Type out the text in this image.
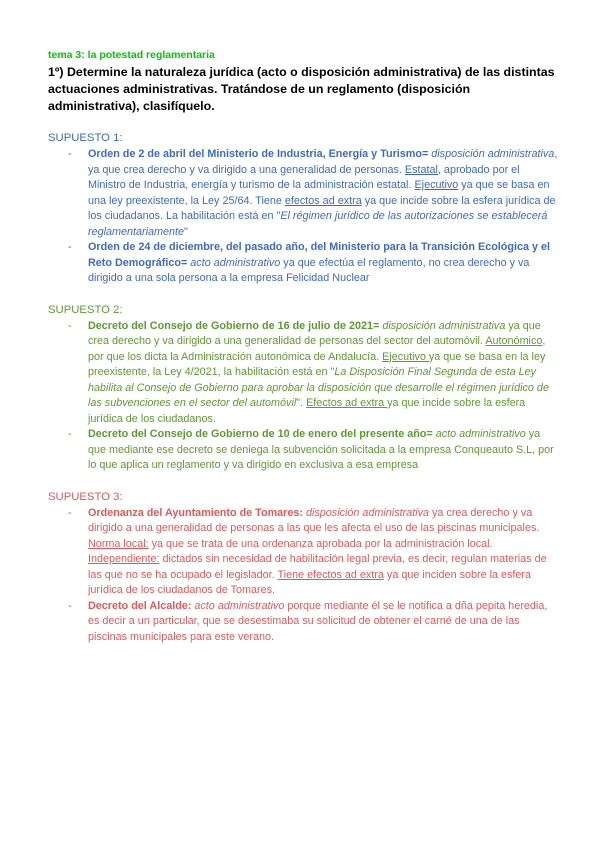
tema 3: la potestad reglamentaria
1º) Determine la naturaleza jurídica (acto o disposición administrativa) de las distintas actuaciones administrativas. Tratándose de un reglamento (disposición administrativa), clasifíquelo.
SUPUESTO 1:
- Orden de 2 de abril del Ministerio de Industria, Energía y Turismo= disposición administrativa, ya que crea derecho y va dirigido a una generalidad de personas. Estatal, aprobado por el Ministro de Industria, energía y turismo de la administración estatal. Ejecutivo ya que se basa en una ley preexistente, la Ley 25/64. Tiene efectos ad extra ya que incide sobre la esfera jurídica de los ciudadanos. La habilitación está en "El régimen jurídico de las autorizaciones se establecerá reglamentariamente"
- Orden de 24 de diciembre, del pasado año, del Ministerio para la Transición Ecológica y el Reto Demográfico= acto administrativo ya que efectúa el reglamento, no crea derecho y va dirigido a una sola persona a la empresa Felicidad Nuclear
SUPUESTO 2:
- Decreto del Consejo de Gobierno de 16 de julio de 2021= disposición administrativa ya que crea derecho y va dirigido a una generalidad de personas del sector del automóvil. Autonómico, por que los dicta la Administración autonómica de Andalucía. Ejecutivo ya que se basa en la ley preexistente, la Ley 4/2021, la habilitación está en "La Disposición Final Segunda de esta Ley habilita al Consejo de Gobierno para aprobar la disposición que desarrolle el régimen jurídico de las subvenciones en el sector del automóvil". Efectos ad extra ya que incide sobre la esfera jurídica de los ciudadanos.
- Decreto del Consejo de Gobierno de 10 de enero del presente año= acto administrativo ya que mediante ese decreto se deniega la subvención solicitada a la empresa Conqueauto S.L, por lo que aplica un reglamento y va dirigido en exclusiva a esa empresa
SUPUESTO 3:
- Ordenanza del Ayuntamiento de Tomares: disposición administrativa ya crea derecho y va dirigido a una generalidad de personas a las que les afecta el uso de las piscinas municipales. Norma local: ya que se trata de una ordenanza aprobada por la administración local. Independiente: dictados sin necesidad de habilitación legal previa, es decir, regulan materias de las que no se ha ocupado el legislador. Tiene efectos ad extra ya que inciden sobre la esfera jurídica de los ciudadanos de Tomares.
- Decreto del Alcalde: acto administrativo porque mediante él se le notifica a dña pepita heredia, es decir a un particular, que se desestimaba su solicitud de obtener el carné de una de las piscinas municipales para este verano.
